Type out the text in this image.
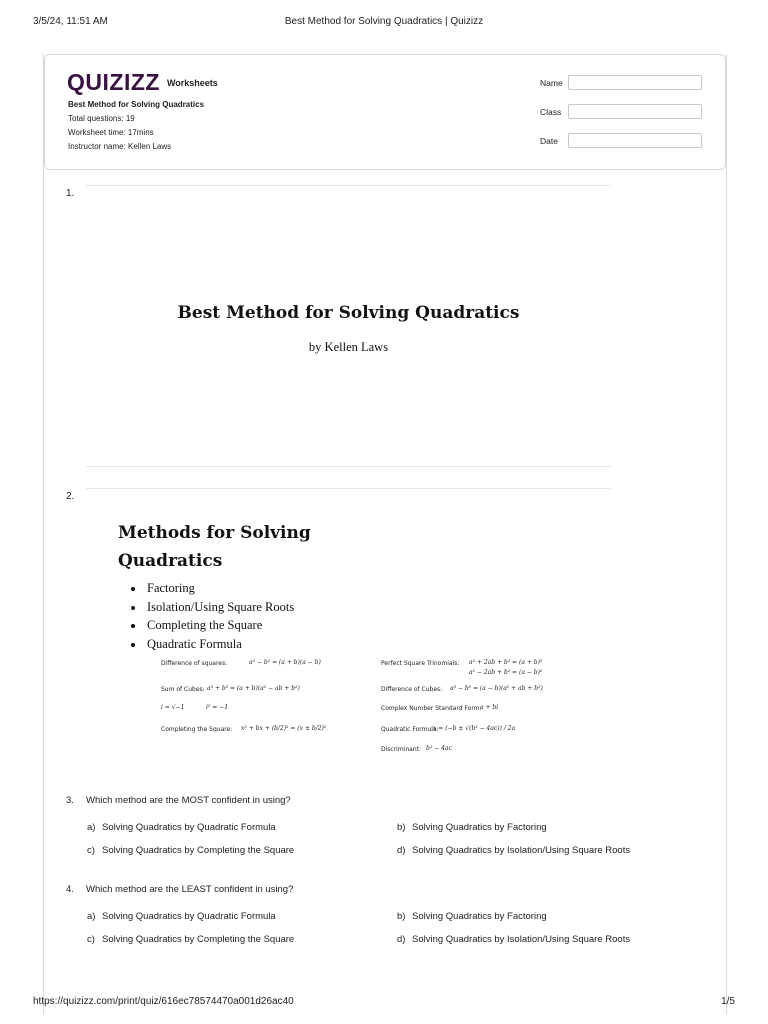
Best Method for Solving Quadratics | Quizizz
3/5/24, 11:51 AM
QUIZIZZ Worksheets
Best Method for Solving Quadratics
Total questions: 19
Worksheet time: 17mins
Instructor name: Kellen Laws
Name
Class
Date
1.
Best Method for Solving Quadratics
by Kellen Laws
2.
Methods for Solving
Quadratics
• Factoring
• Isolation/Using Square Roots
• Completing the Square
• Quadratic Formula
Difference of squares:	a² − b² = (a + b)(a − b)	Perfect Square Trinomials: a² + 2ab + b² = (a + b)²
a² − 2ab + b² = (a − b)²
Sum of Cubes: a³ + b³ = (a + b)(a² − ab + b²)	Difference of Cubes: a³ − b³ = (a − b)(a² + ab + b²)
i = √−1	i² = −1	Complex Number Standard Form:
a + bi
Completing the Square: x² + bx + (b/2)² = (x ± b/2)²	Quadratic Formula:
x = (−b ± √(b² − 4ac)) / 2a
Discriminant: b² − 4ac
3. Which method are the MOST confident in using?
a) Solving Quadratics by Quadratic Formula	b) Solving Quadratics by Factoring
c) Solving Quadratics by Completing the Square	d) Solving Quadratics by Isolation/Using Square Roots
4. Which method are the LEAST confident in using?
a) Solving Quadratics by Quadratic Formula	b) Solving Quadratics by Factoring
c) Solving Quadratics by Completing the Square	d) Solving Quadratics by Isolation/Using Square Roots
https://quizizz.com/print/quiz/616ec78574470a001d26ac40	1/5
